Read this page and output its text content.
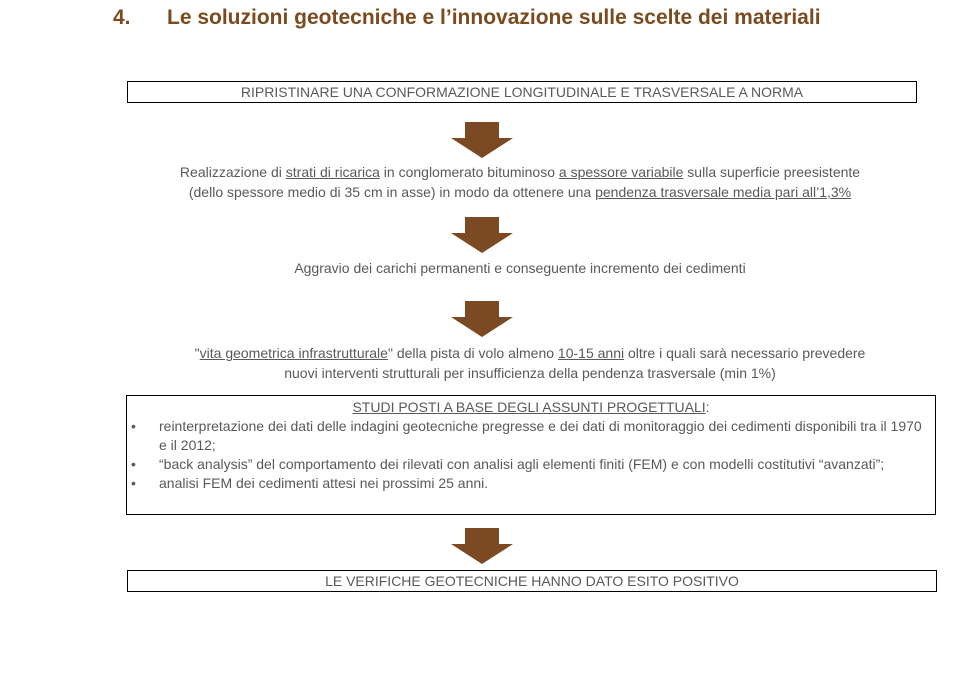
4. Le soluzioni geotecniche e l’innovazione sulle scelte dei materiali
RIPRISTINARE UNA CONFORMAZIONE LONGITUDINALE E TRASVERSALE A NORMA
Realizzazione di strati di ricarica in conglomerato bituminoso a spessore variabile sulla superficie preesistente
(dello spessore medio di 35 cm in asse) in modo da ottenere una pendenza trasversale media pari all’1,3%
Aggravio dei carichi permanenti e conseguente incremento dei cedimenti
"vita geometrica infrastrutturale" della pista di volo almeno 10-15 anni oltre i quali sarà necessario prevedere
nuovi interventi strutturali per insufficienza della pendenza trasversale (min 1%)
STUDI POSTI A BASE DEGLI ASSUNTI PROGETTUALI:
• reinterpretazione dei dati delle indagini geotecniche pregresse e dei dati di monitoraggio dei cedimenti disponibili tra il 1970 e il 2012;
• “back analysis” del comportamento dei rilevati con analisi agli elementi finiti (FEM) e con modelli costitutivi “avanzati”;
• analisi FEM dei cedimenti attesi nei prossimi 25 anni.
LE VERIFICHE GEOTECNICHE HANNO DATO ESITO POSITIVO
